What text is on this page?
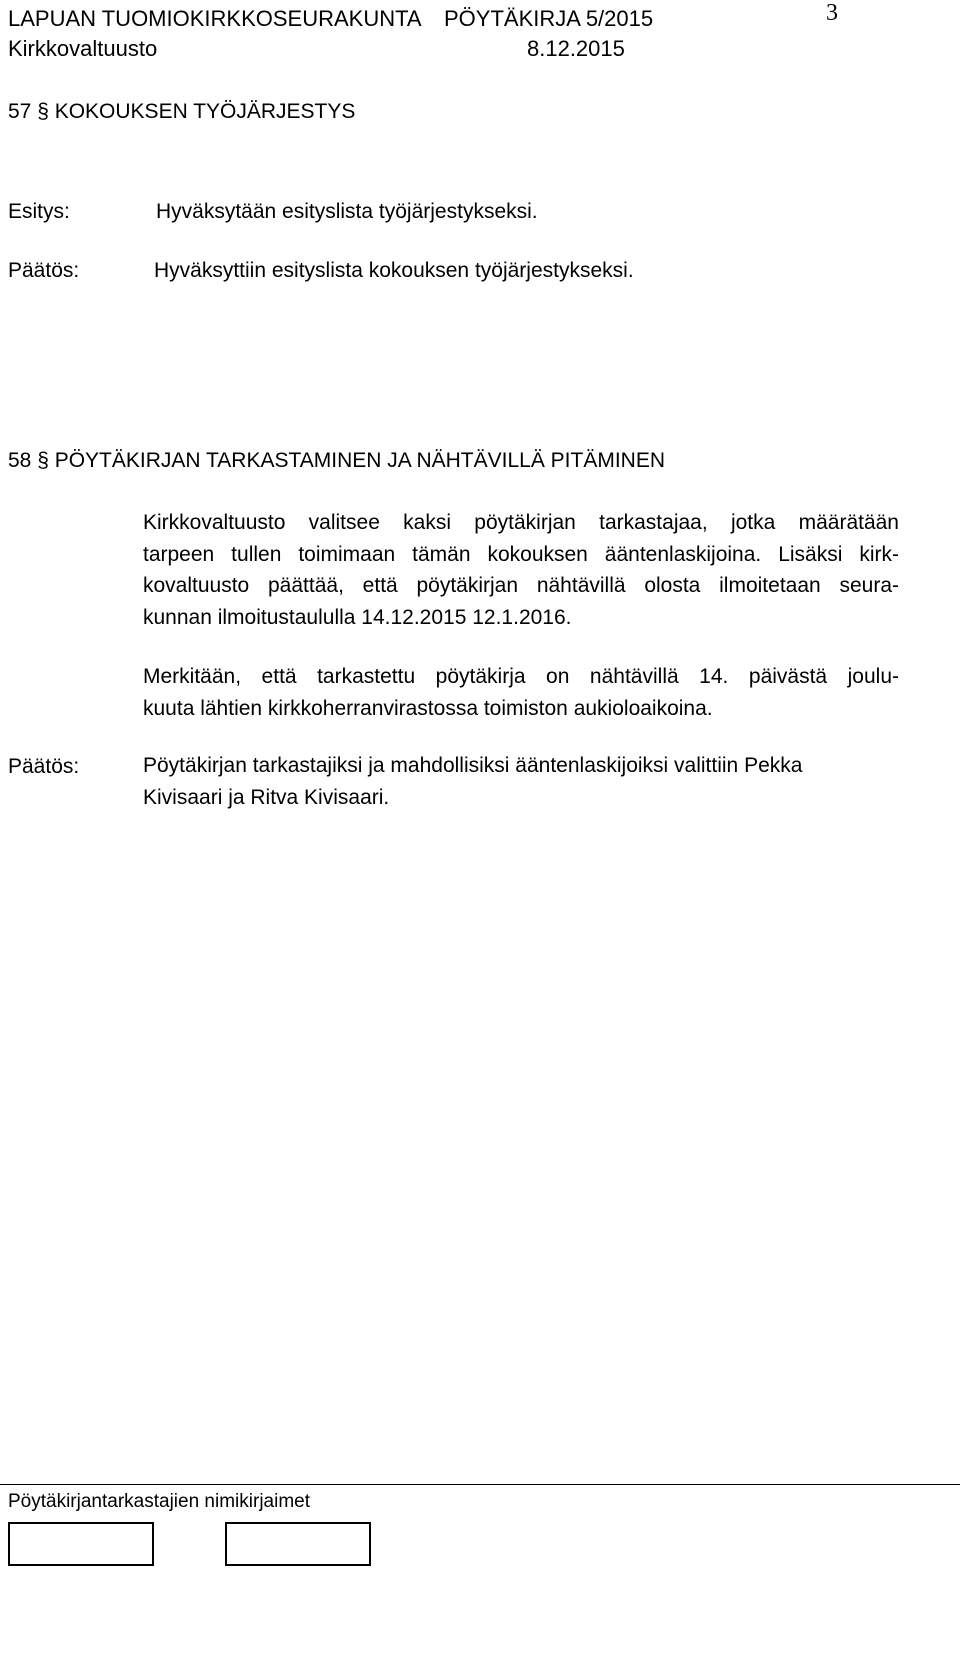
LAPUAN TUOMIOKIRKKOSEURAKUNTA PÖYTÄKIRJA 5/2015	3
Kirkkovaltuusto	8.12.2015
57 § KOKOUKSEN TYÖJÄRJESTYS
Esitys:	Hyväksytään esityslista työjärjestykseksi.
Päätös:	Hyväksyttiin esityslista kokouksen työjärjestykseksi.
58 § PÖYTÄKIRJAN TARKASTAMINEN JA NÄHTÄVILLÄ PITÄMINEN
Kirkkovaltuusto valitsee kaksi pöytäkirjan tarkastajaa, jotka määrätään
tarpeen tullen toimimaan tämän kokouksen ääntenlaskijoina. Lisäksi kirk-
kovaltuusto päättää, että pöytäkirjan nähtävillä olosta ilmoitetaan seura-
kunnan ilmoitustaululla 14.12.2015 12.1.2016.
Merkitään, että tarkastettu pöytäkirja on nähtävillä 14. päivästä joulu-
kuuta lähtien kirkkoherranvirastossa toimiston aukioloaikoina.
Päätös:	Pöytäkirjan tarkastajiksi ja mahdollisiksi ääntenlaskijoiksi valittiin Pekka
Kivisaari ja Ritva Kivisaari.
Pöytäkirjantarkastajien nimikirjaimet
